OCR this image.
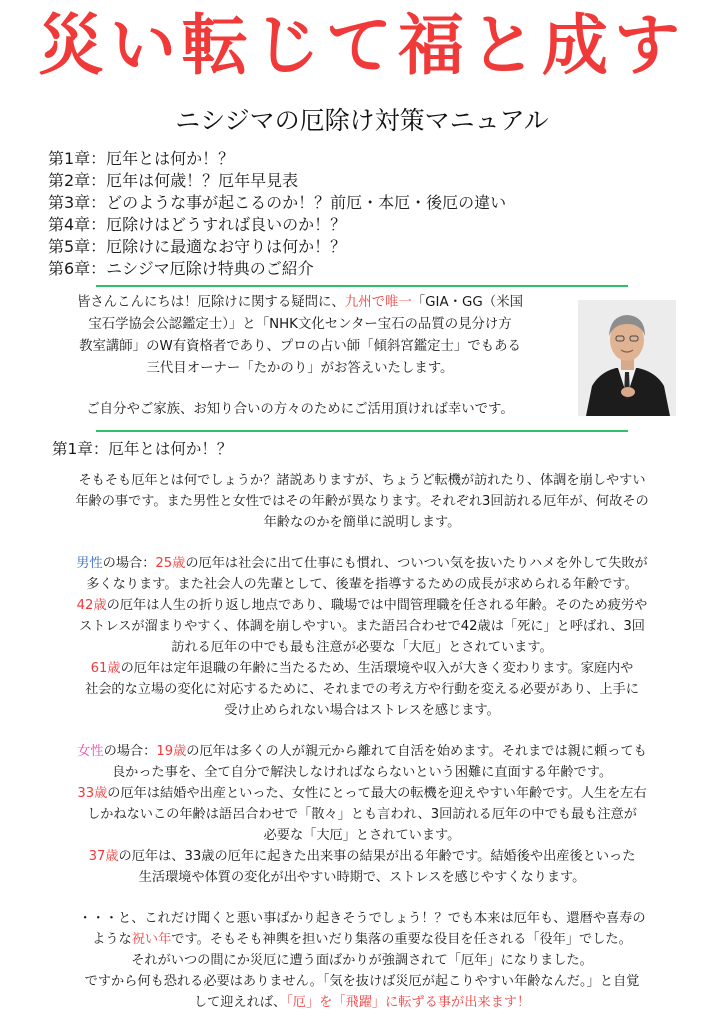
災い転じて福と成す
ニシジマの厄除け対策マニュアル
第1章：厄年とは何か！？
第2章：厄年は何歳！？厄年早見表
第3章：どのような事が起こるのか！？前厄・本厄・後厄の違い
第4章：厄除けはどうすれば良いのか！？
第5章：厄除けに最適なお守りは何か！？
第6章：ニシジマ厄除け特典のご紹介

皆さんこんにちは！厄除けに関する疑問に、九州で唯一「GIA・GG（米国

宝石学協会公認鑑定士）」と「NHK文化センター宝石の品質の見分け方

教室講師」のW有資格者であり、プロの占い師「傾斜宮鑑定士」でもある

三代目オーナー「たかのり」がお答えいたします。

ご自分やご家族、お知り合いの方々のためにご活用頂ければ幸いです。

第1章：厄年とは何か！？

そもそも厄年とは何でしょうか？諸説ありますが、ちょうど転機が訪れたり、体調を崩しやすい

年齢の事です。また男性と女性ではその年齢が異なります。それぞれ3回訪れる厄年が、何故その

年齢なのかを簡単に説明します。

男性の場合：25歳の厄年は社会に出て仕事にも慣れ、ついつい気を抜いたりハメを外して失敗が

多くなります。また社会人の先輩として、後輩を指導するための成長が求められる年齢です。

42歳の厄年は人生の折り返し地点であり、職場では中間管理職を任される年齢。そのため疲労や

ストレスが溜まりやすく、体調を崩しやすい。また語呂合わせで42歳は「死に」と呼ばれ、3回

訪れる厄年の中でも最も注意が必要な「大厄」とされています。

61歳の厄年は定年退職の年齢に当たるため、生活環境や収入が大きく変わります。家庭内や

社会的な立場の変化に対応するために、それまでの考え方や行動を変える必要があり、上手に

受け止められない場合はストレスを感じます。

女性の場合：19歳の厄年は多くの人が親元から離れて自活を始めます。それまでは親に頼っても

良かった事を、全て自分で解決しなければならないという困難に直面する年齢です。

33歳の厄年は結婚や出産といった、女性にとって最大の転機を迎えやすい年齢です。人生を左右

しかねないこの年齢は語呂合わせで「散々」とも言われ、3回訪れる厄年の中でも最も注意が

必要な「大厄」とされています。

37歳の厄年は、33歳の厄年に起きた出来事の結果が出る年齢です。結婚後や出産後といった

生活環境や体質の変化が出やすい時期で、ストレスを感じやすくなります。

・・・と、これだけ聞くと悪い事ばかり起きそうでしょう！？でも本来は厄年も、還暦や喜寿の

ような祝い年です。そもそも神輿を担いだり集落の重要な役目を任される「役年」でした。

それがいつの間にか災厄に遭う面ばかりが強調されて「厄年」になりました。

ですから何も恐れる必要はありません。「気を抜けば災厄が起こりやすい年齢なんだ。」と自覚

して迎えれば、「厄」を「飛躍」に転ずる事が出来ます！
